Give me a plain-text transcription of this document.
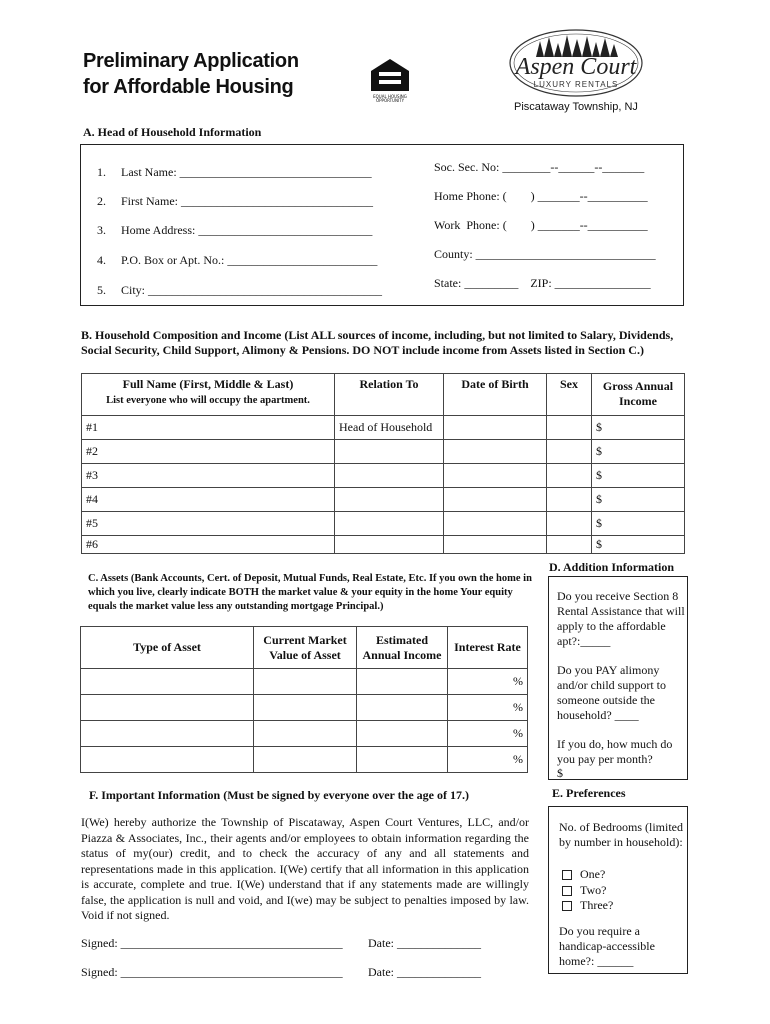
Preliminary Application
for Affordable Housing	EQUAL HOUSING
OPPORTUNITY
Aspen Court
LUXURY RENTALS
Piscataway Township, NJ
A. Head of Household Information
1.     Last Name: ________________________________
2.     First Name: ________________________________
3.     Home Address: _____________________________
4.     P.O. Box or Apt. No.: _________________________
5.     City: _______________________________________
Soc. Sec. No: ________--______--_______
Home Phone: (        ) _______--__________
Work  Phone: (        ) _______--__________
County: ______________________________
State: _________    ZIP: ________________
B. Household Composition and Income (List ALL sources of income, including, but not limited to Salary, Dividends, Social Security, Child Support, Alimony & Pensions. DO NOT include income from Assets listed in Section C.)
Full Name (First, Middle & Last)
List everyone who will occupy the apartment.	Relation To	Date of Birth	Sex	Gross Annual Income
#1	Head of Household			$
#2				$
#3				$
#4				$
#5				$
#6				$
C. Assets (Bank Accounts, Cert. of Deposit, Mutual Funds, Real Estate, Etc. If you own the home in which you live, clearly indicate BOTH the market value & your equity in the home Your equity equals the market value less any outstanding mortgage Principal.)
Type of Asset	Current Market Value of Asset	Estimated Annual Income	Interest Rate
			%
			%
			%
			%
D. Addition Information
Do you receive Section 8 Rental Assistance that will apply to the affordable apt?:_____
Do you PAY alimony and/or child support to someone outside the household? ____
If you do, how much do you pay per month?
$
E. Preferences
No. of Bedrooms (limited by number in household):
One?
Two?
Three?
Do you require a handicap-accessible home?: ______
F. Important Information (Must be signed by everyone over the age of 17.)
I(We) hereby authorize the Township of Piscataway, Aspen Court Ventures, LLC, and/or Piazza & Associates, Inc., their agents and/or employees to obtain information regarding the status of my(our) credit, and to check the accuracy of any and all statements and representations made in this application. I(We) certify that all information in this application is accurate, complete and true. I(We) understand that if any statements made are willingly false, the application is null and void, and I(we) may be subject to penalties imposed by law. Void if not signed.
Signed: _____________________________________ Date: ______________
Signed: _____________________________________ Date: ______________
